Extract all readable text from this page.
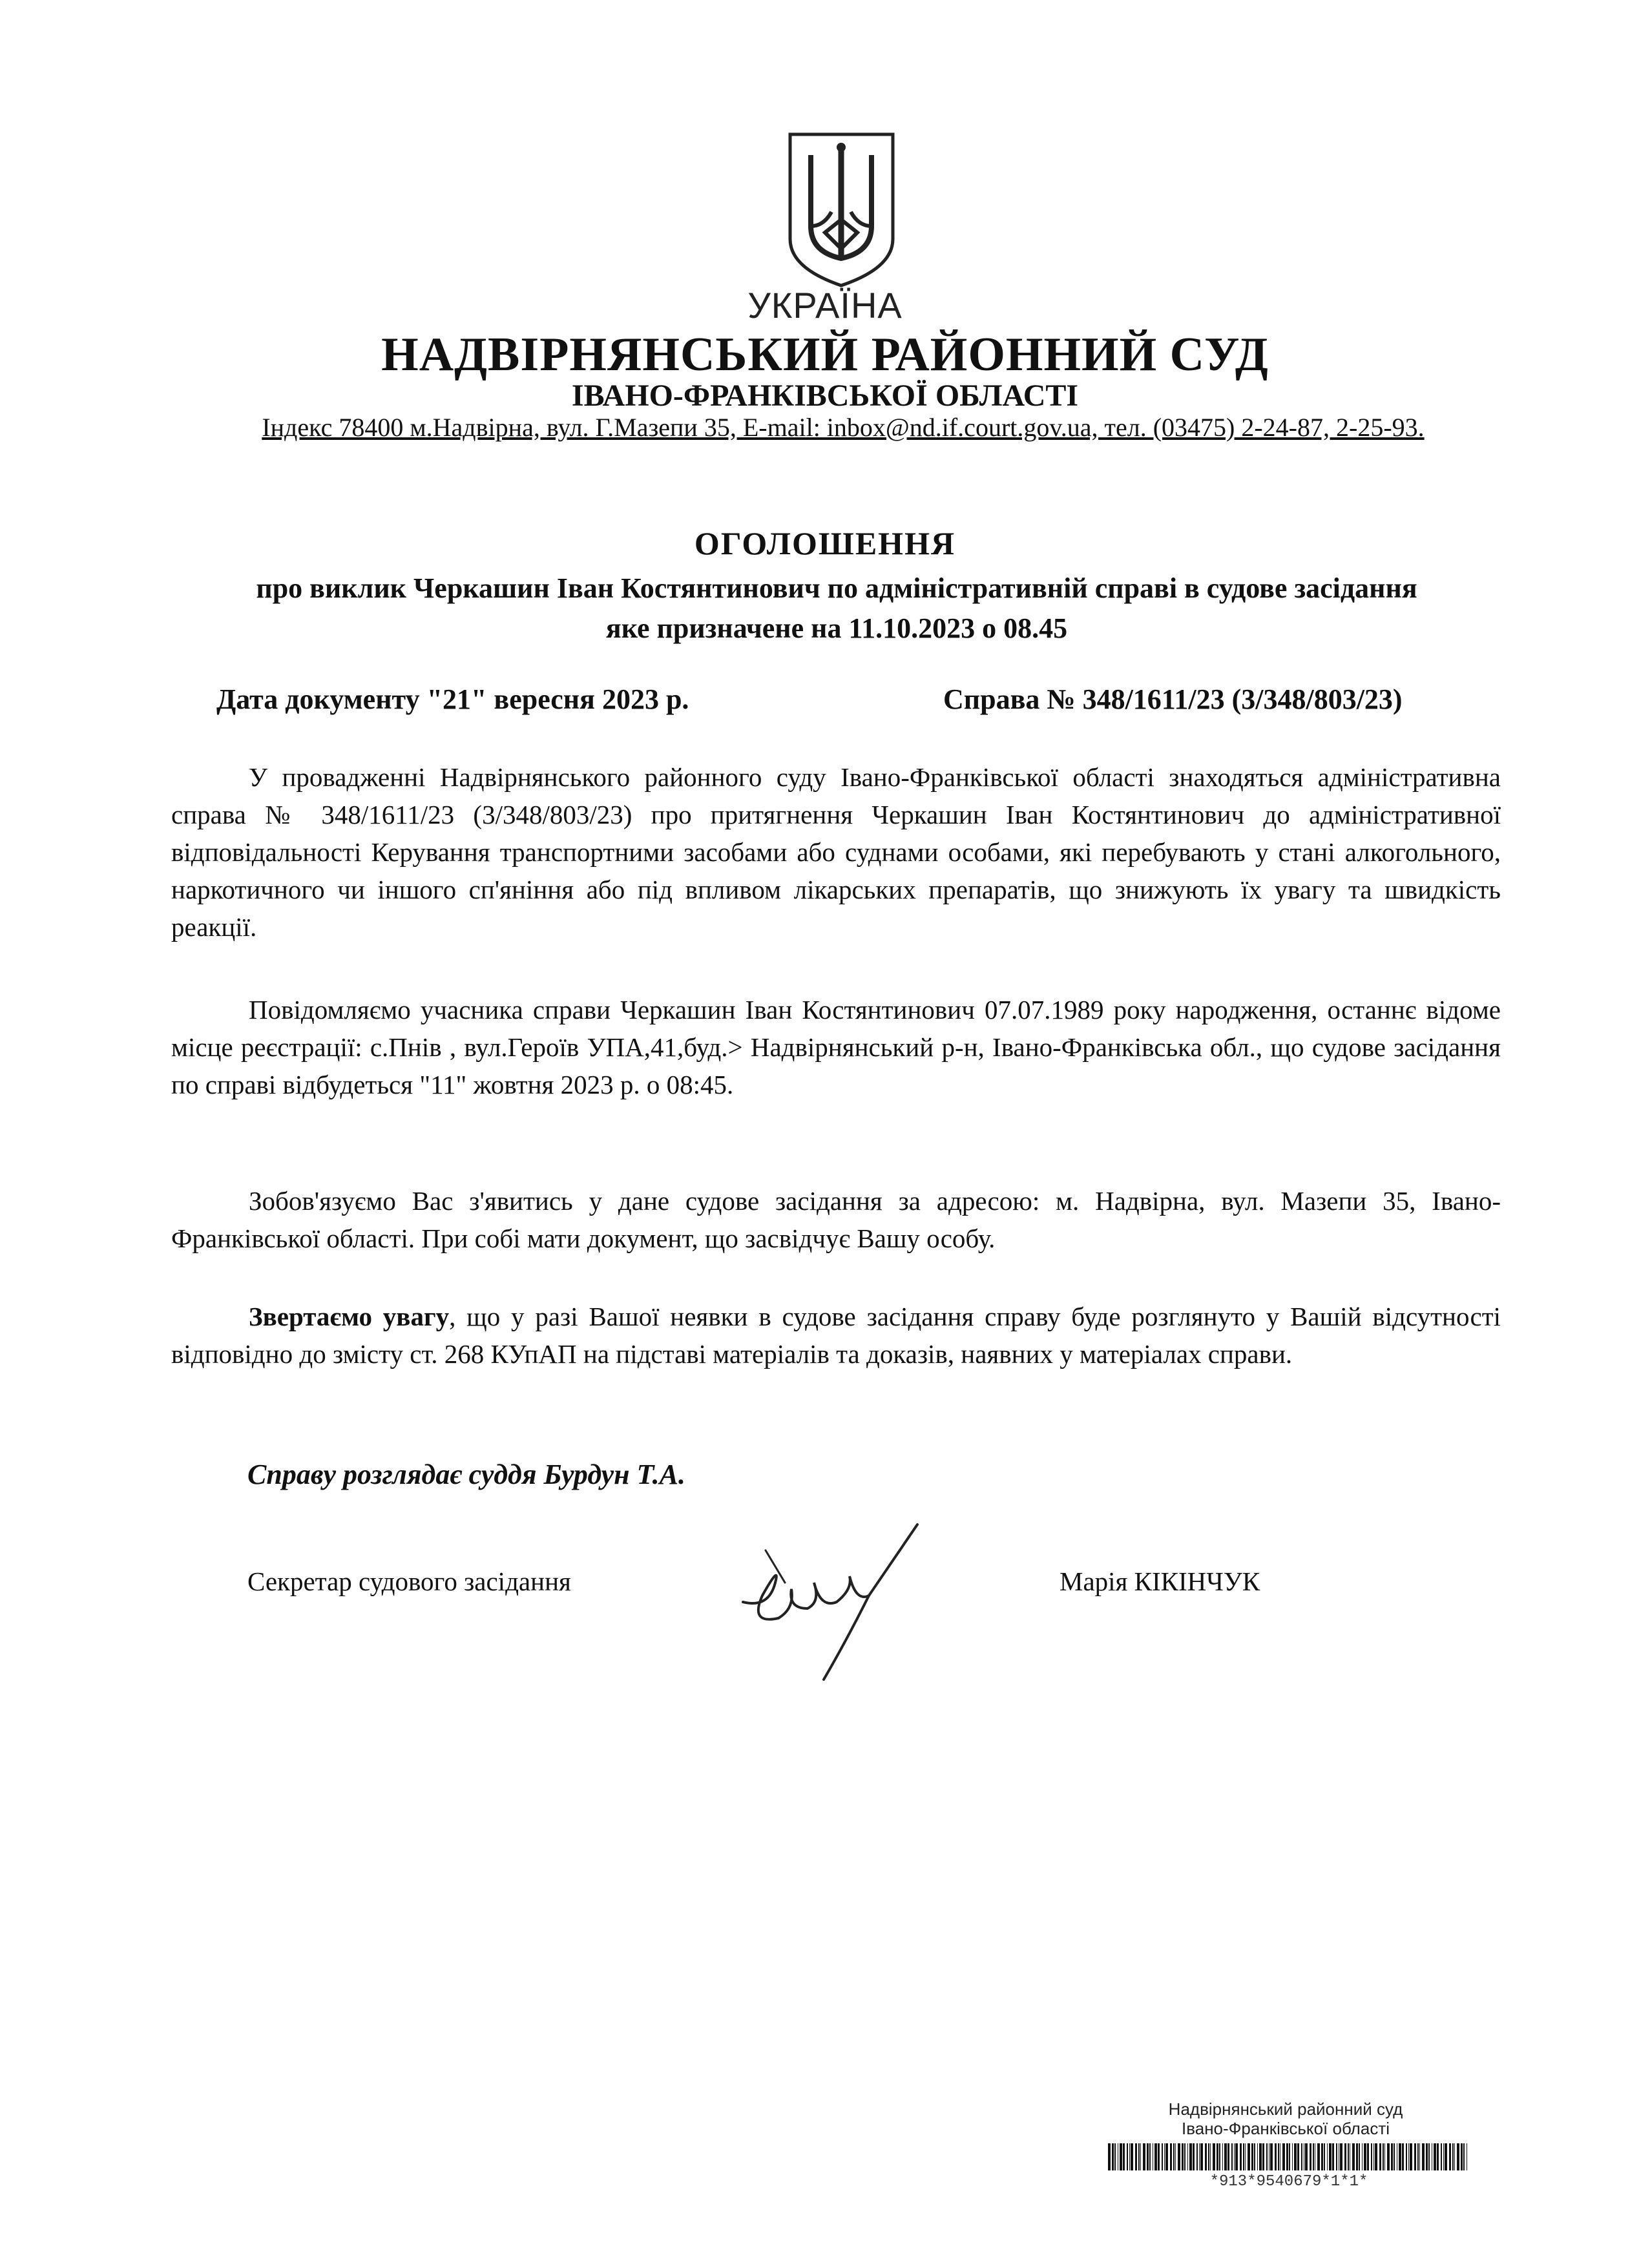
УКРАЇНА
НАДВІРНЯНСЬКИЙ РАЙОННИЙ СУД
ІВАНО-ФРАНКІВСЬКОЇ ОБЛАСТІ
Індекс 78400 м.Надвірна, вул. Г.Мазепи 35, E-mail: inbox@nd.if.court.gov.ua, тел. (03475) 2-24-87, 2-25-93.
ОГОЛОШЕННЯ
про виклик Черкашин Іван Костянтинович по адміністративній справі в судове засідання
яке призначене на 11.10.2023 о 08.45
Дата документу "21" вересня 2023 р.	Справа № 348/1611/23 (3/348/803/23)
У провадженні Надвірнянського районного суду Івано-Франківської області знаходяться адміністративна справа № 348/1611/23 (3/348/803/23) про притягнення Черкашин Іван Костянтинович до адміністративної відповідальності Керування транспортними засобами або суднами особами, які перебувають у стані алкогольного, наркотичного чи іншого сп'яніння або під впливом лікарських препаратів, що знижують їх увагу та швидкість реакції.
Повідомляємо учасника справи Черкашин Іван Костянтинович 07.07.1989 року народження, останнє відоме місце реєстрації: с.Пнів , вул.Героїв УПА,41,буд.> Надвірнянський р-н, Івано-Франківська обл., що судове засідання по справі відбудеться "11" жовтня 2023 р. о 08:45.
Зобов'язуємо Вас з'явитись у дане судове засідання за адресою: м. Надвірна, вул. Мазепи 35, Івано-Франківської області. При собі мати документ, що засвідчує Вашу особу.
Звертаємо увагу, що у разі Вашої неявки в судове засідання справу буде розглянуто у Вашій відсутності відповідно до змісту ст. 268 КУпАП на підставі матеріалів та доказів, наявних у матеріалах справи.
Справу розглядає суддя Бурдун Т.А.
Секретар судового засідання	Марія КІКІНЧУК
Надвірнянський районний суд
Івано-Франківської області
*913*9540679*1*1*
